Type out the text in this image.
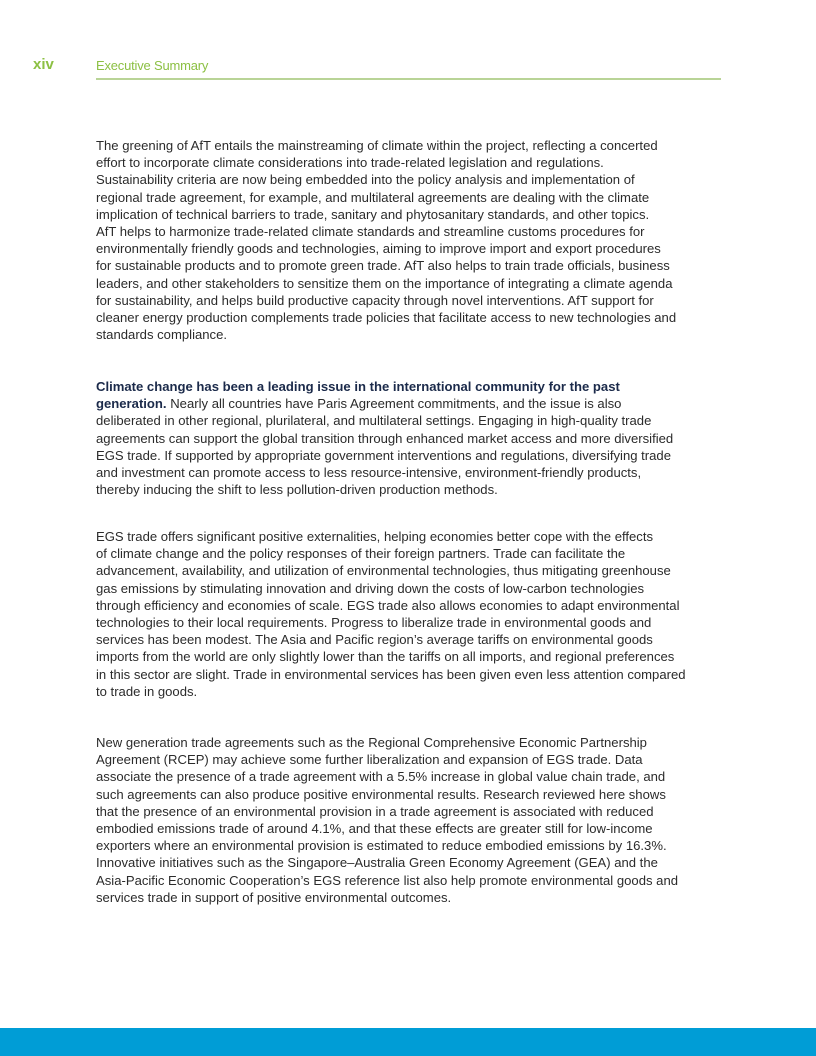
xiv	Executive Summary
The greening of AfT entails the mainstreaming of climate within the project, reflecting a concerted
effort to incorporate climate considerations into trade-related legislation and regulations.
Sustainability criteria are now being embedded into the policy analysis and implementation of
regional trade agreement, for example, and multilateral agreements are dealing with the climate
implication of technical barriers to trade, sanitary and phytosanitary standards, and other topics.
AfT helps to harmonize trade-related climate standards and streamline customs procedures for
environmentally friendly goods and technologies, aiming to improve import and export procedures
for sustainable products and to promote green trade. AfT also helps to train trade officials, business
leaders, and other stakeholders to sensitize them on the importance of integrating a climate agenda
for sustainability, and helps build productive capacity through novel interventions. AfT support for
cleaner energy production complements trade policies that facilitate access to new technologies and
standards compliance.
Climate change has been a leading issue in the international community for the past
generation. Nearly all countries have Paris Agreement commitments, and the issue is also
deliberated in other regional, plurilateral, and multilateral settings. Engaging in high-quality trade
agreements can support the global transition through enhanced market access and more diversified
EGS trade. If supported by appropriate government interventions and regulations, diversifying trade
and investment can promote access to less resource-intensive, environment-friendly products,
thereby inducing the shift to less pollution-driven production methods.
EGS trade offers significant positive externalities, helping economies better cope with the effects
of climate change and the policy responses of their foreign partners. Trade can facilitate the
advancement, availability, and utilization of environmental technologies, thus mitigating greenhouse
gas emissions by stimulating innovation and driving down the costs of low-carbon technologies
through efficiency and economies of scale. EGS trade also allows economies to adapt environmental
technologies to their local requirements. Progress to liberalize trade in environmental goods and
services has been modest. The Asia and Pacific region’s average tariffs on environmental goods
imports from the world are only slightly lower than the tariffs on all imports, and regional preferences
in this sector are slight. Trade in environmental services has been given even less attention compared
to trade in goods.
New generation trade agreements such as the Regional Comprehensive Economic Partnership
Agreement (RCEP) may achieve some further liberalization and expansion of EGS trade. Data
associate the presence of a trade agreement with a 5.5% increase in global value chain trade, and
such agreements can also produce positive environmental results. Research reviewed here shows
that the presence of an environmental provision in a trade agreement is associated with reduced
embodied emissions trade of around 4.1%, and that these effects are greater still for low-income
exporters where an environmental provision is estimated to reduce embodied emissions by 16.3%.
Innovative initiatives such as the Singapore–Australia Green Economy Agreement (GEA) and the
Asia-Pacific Economic Cooperation’s EGS reference list also help promote environmental goods and
services trade in support of positive environmental outcomes.
